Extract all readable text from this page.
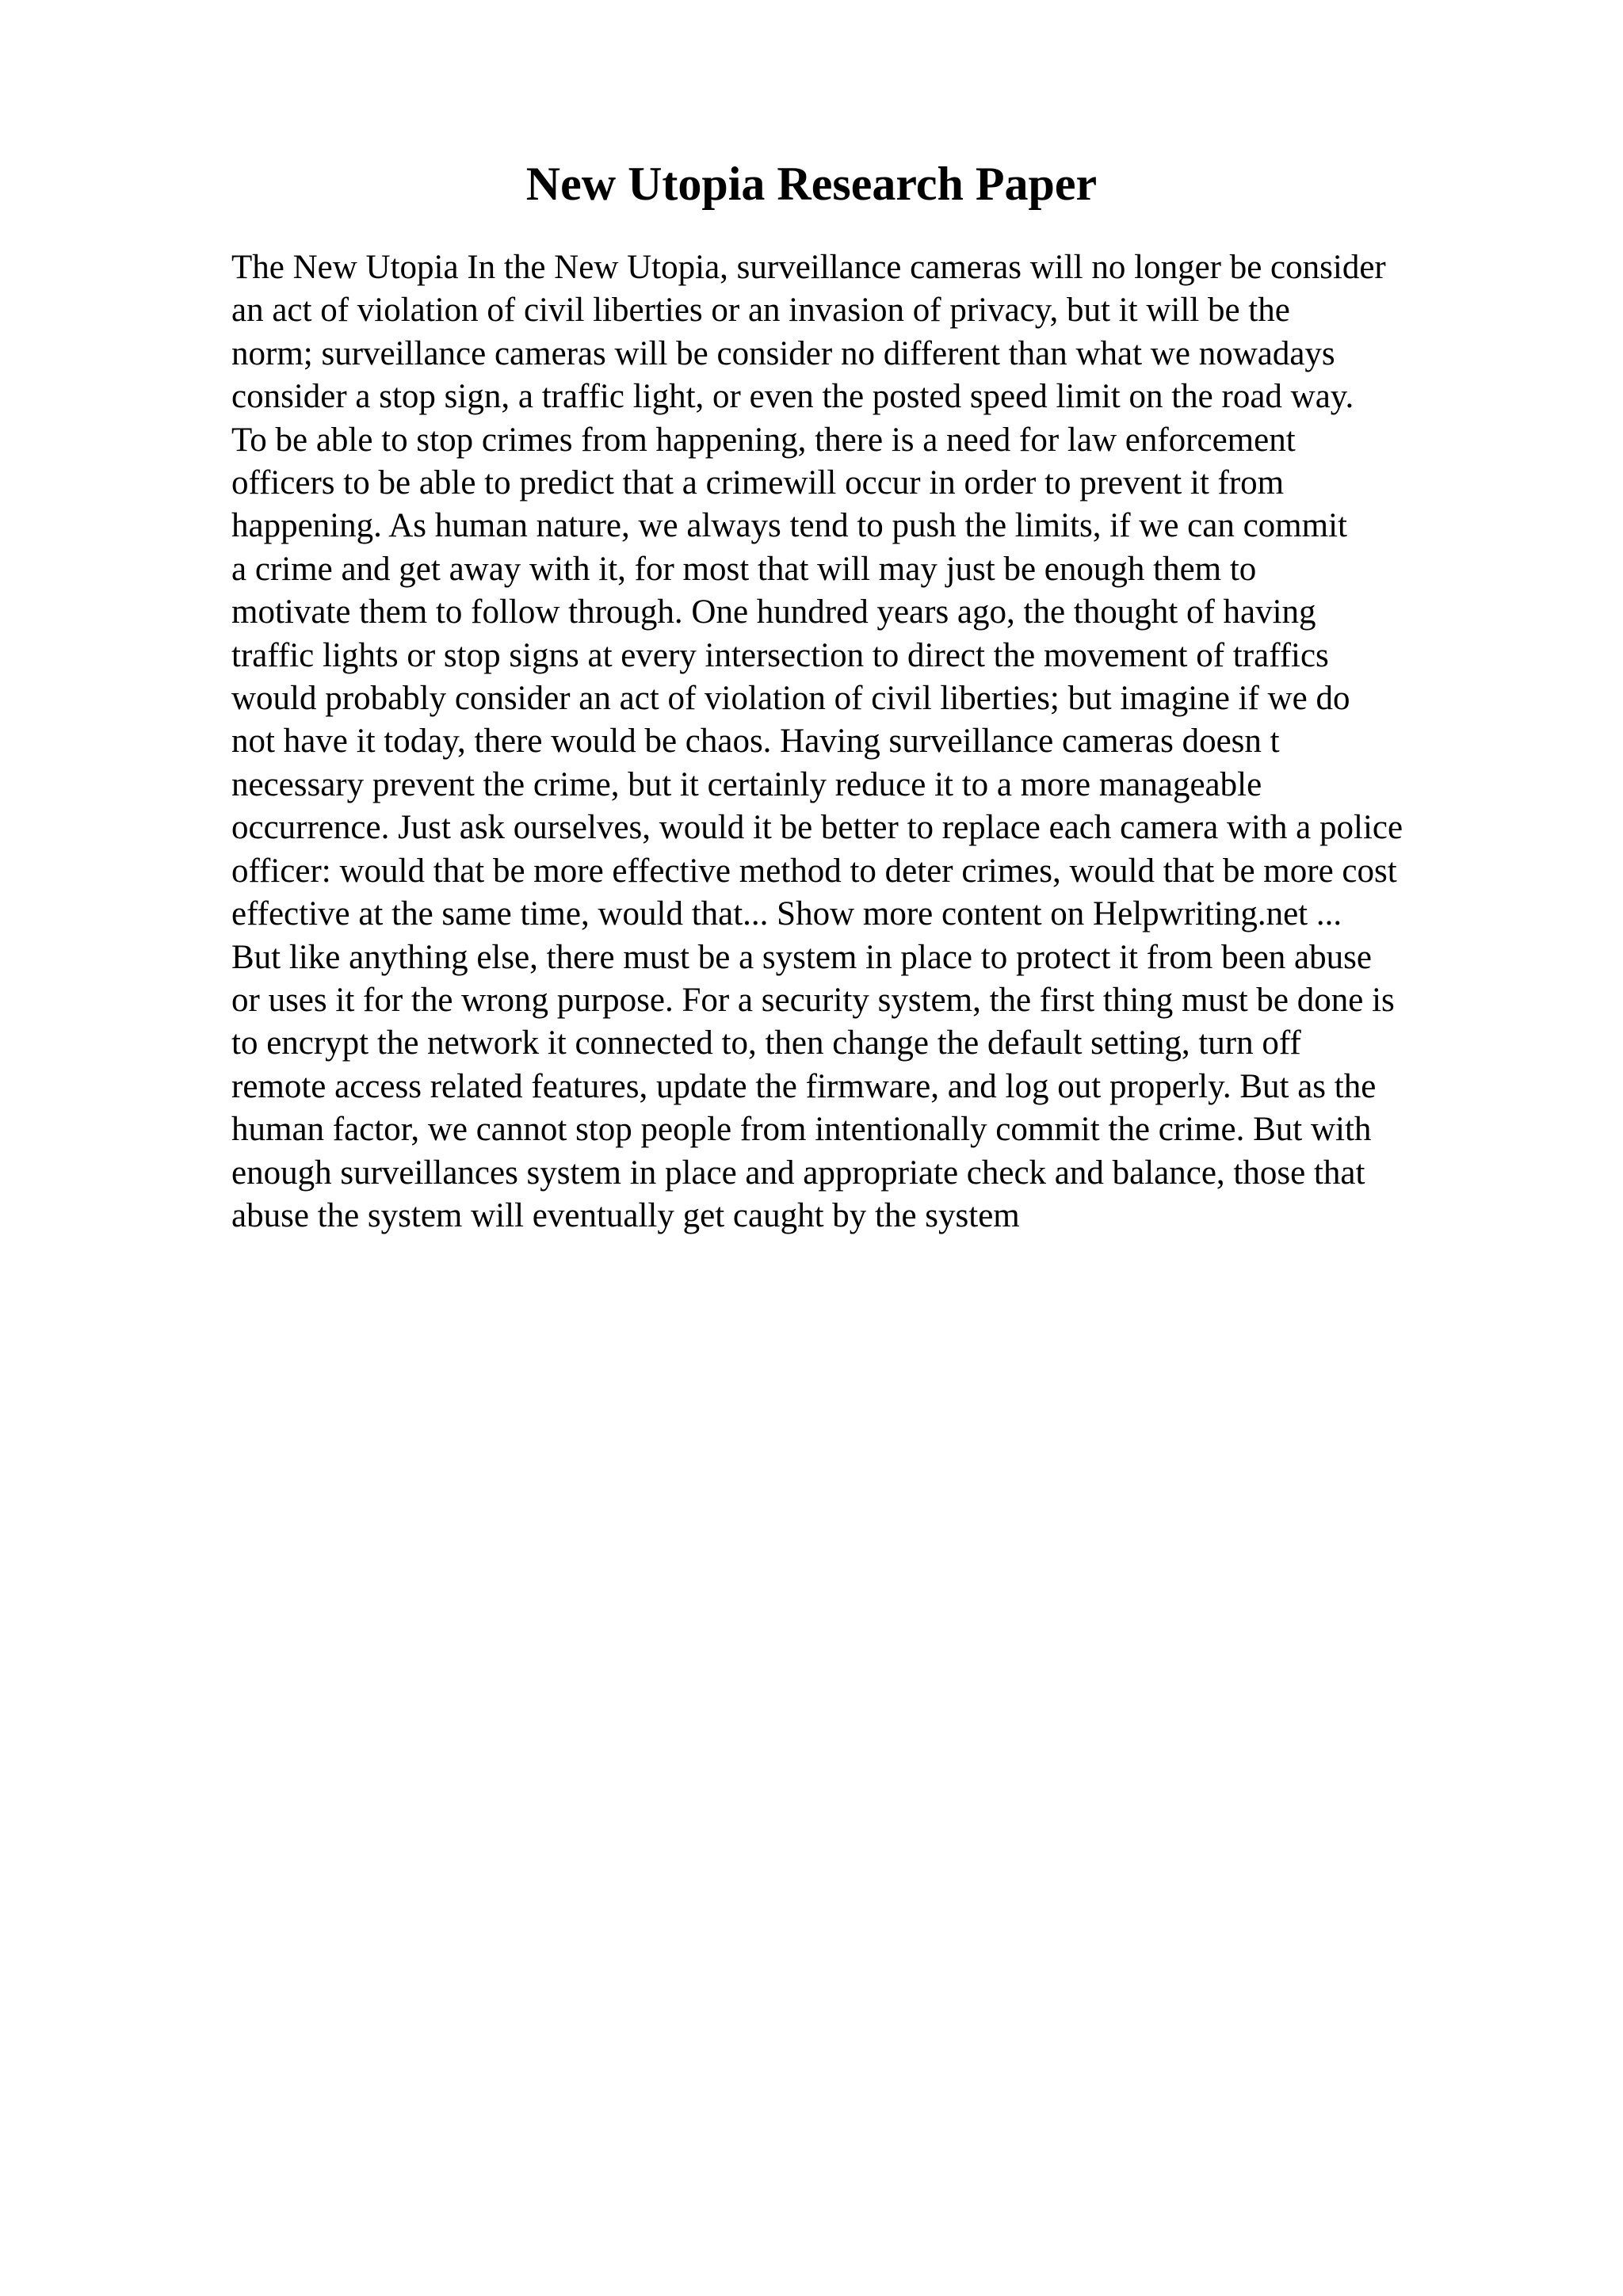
New Utopia Research Paper
The New Utopia In the New Utopia, surveillance cameras will no longer be consider
an act of violation of civil liberties or an invasion of privacy, but it will be the
norm; surveillance cameras will be consider no different than what we nowadays
consider a stop sign, a traffic light, or even the posted speed limit on the road way.
To be able to stop crimes from happening, there is a need for law enforcement
officers to be able to predict that a crimewill occur in order to prevent it from
happening. As human nature, we always tend to push the limits, if we can commit
a crime and get away with it, for most that will may just be enough them to
motivate them to follow through. One hundred years ago, the thought of having
traffic lights or stop signs at every intersection to direct the movement of traffics
would probably consider an act of violation of civil liberties; but imagine if we do
not have it today, there would be chaos. Having surveillance cameras doesn t
necessary prevent the crime, but it certainly reduce it to a more manageable
occurrence. Just ask ourselves, would it be better to replace each camera with a police
officer: would that be more effective method to deter crimes, would that be more cost
effective at the same time, would that... Show more content on Helpwriting.net ...
But like anything else, there must be a system in place to protect it from been abuse
or uses it for the wrong purpose. For a security system, the first thing must be done is
to encrypt the network it connected to, then change the default setting, turn off
remote access related features, update the firmware, and log out properly. But as the
human factor, we cannot stop people from intentionally commit the crime. But with
enough surveillances system in place and appropriate check and balance, those that
abuse the system will eventually get caught by the system
